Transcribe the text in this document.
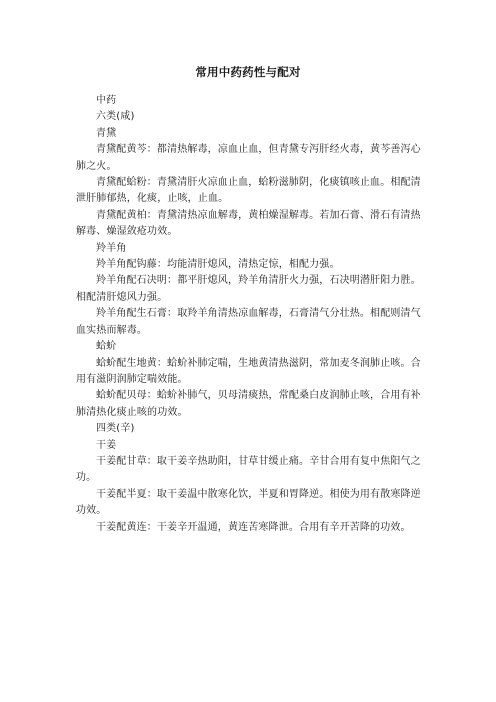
常用中药药性与配对

中药

六类(咸)

青黛

青黛配黄芩：都清热解毒，凉血止血，但青黛专泻肝经火毒，黄芩善泻心肺之火。

青黛配蛤粉：青黛清肝火凉血止血，蛤粉滋肺阴，化痰镇咳止血。相配清泄肝肺郁热，化痰，止咳，止血。

青黛配黄柏：青黛清热凉血解毒，黄柏燥湿解毒。若加石膏、滑石有清热解毒、燥湿敛疮功效。

羚羊角

羚羊角配钩藤：均能清肝熄风，清热定惊，相配力强。

羚羊角配石决明：都平肝熄风，羚羊角清肝火力强，石决明潜肝阳力胜。相配清肝熄风力强。

羚羊角配生石膏：取羚羊角清热凉血解毒，石膏清气分壮热。相配则清气血实热而解毒。

蛤蚧

蛤蚧配生地黄：蛤蚧补肺定喘，生地黄清热滋阴，常加麦冬润肺止咳。合用有滋阴润肺定喘效能。

蛤蚧配贝母：蛤蚧补肺气，贝母清痰热，常配桑白皮润肺止咳，合用有补肺清热化痰止咳的功效。

四类(辛)

干姜

干姜配甘草：取干姜辛热助阳，甘草甘缓止痛。辛甘合用有复中焦阳气之功。

干姜配半夏：取干姜温中散寒化饮，半夏和胃降逆。相使为用有散寒降逆功效。

干姜配黄连：干姜辛开温通，黄连苦寒降泄。合用有辛开苦降的功效。
